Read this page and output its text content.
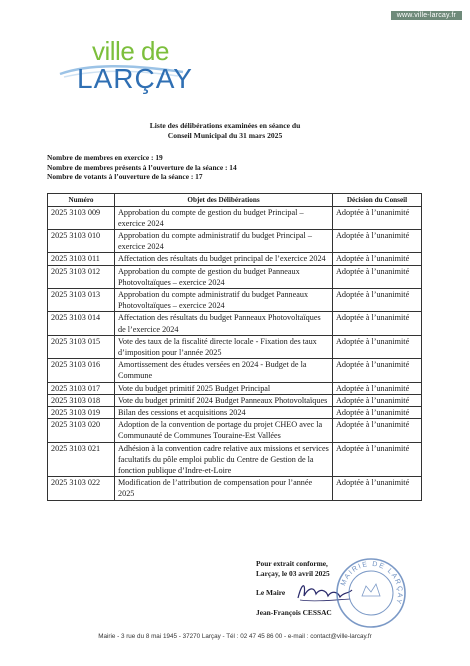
www.ville-larcay.fr
ville de
LARÇAY
Liste des délibérations examinées en séance du
Conseil Municipal du 31 mars 2025
Nombre de membres en exercice : 19
Nombre de membres présents à l’ouverture de la séance : 14
Nombre de votants à l’ouverture de la séance : 17
Numéro	Objet des Délibérations	Décision du Conseil
2025 3103 009	Approbation du compte de gestion du budget Principal – exercice 2024	Adoptée à l’unanimité
2025 3103 010	Approbation du compte administratif du budget Principal – exercice 2024	Adoptée à l’unanimité
2025 3103 011	Affectation des résultats du budget principal de l’exercice 2024	Adoptée à l’unanimité
2025 3103 012	Approbation du compte de gestion du budget Panneaux Photovoltaïques – exercice 2024	Adoptée à l’unanimité
2025 3103 013	Approbation du compte administratif du budget Panneaux Photovoltaïques – exercice 2024	Adoptée à l’unanimité
2025 3103 014	Affectation des résultats du budget Panneaux Photovoltaïques de l’exercice 2024	Adoptée à l’unanimité
2025 3103 015	Vote des taux de la fiscalité directe locale - Fixation des taux d’imposition pour l’année 2025	Adoptée à l’unanimité
2025 3103 016	Amortissement des études versées en 2024 - Budget de la Commune	Adoptée à l’unanimité
2025 3103 017	Vote du budget primitif 2025 Budget Principal	Adoptée à l’unanimité
2025 3103 018	Vote du budget primitif 2024 Budget Panneaux Photovoltaïques	Adoptée à l’unanimité
2025 3103 019	Bilan des cessions et acquisitions 2024	Adoptée à l’unanimité
2025 3103 020	Adoption de la convention de portage du projet CHEO avec la Communauté de Communes Touraine-Est Vallées	Adoptée à l’unanimité
2025 3103 021	Adhésion à la convention cadre relative aux missions et services facultatifs du pôle emploi public du Centre de Gestion de la fonction publique d’Indre-et-Loire	Adoptée à l’unanimité
2025 3103 022	Modification de l’attribution de compensation pour l’année 2025	Adoptée à l’unanimité
Pour extrait conforme,
Larçay, le 03 avril 2025
Le Maire
Jean-François CESSAC
MAIRIE DE LARÇAY
Mairie - 3 rue du 8 mai 1945 - 37270 Larçay - Tél : 02 47 45 86 00 - e-mail : contact@ville-larcay.fr
